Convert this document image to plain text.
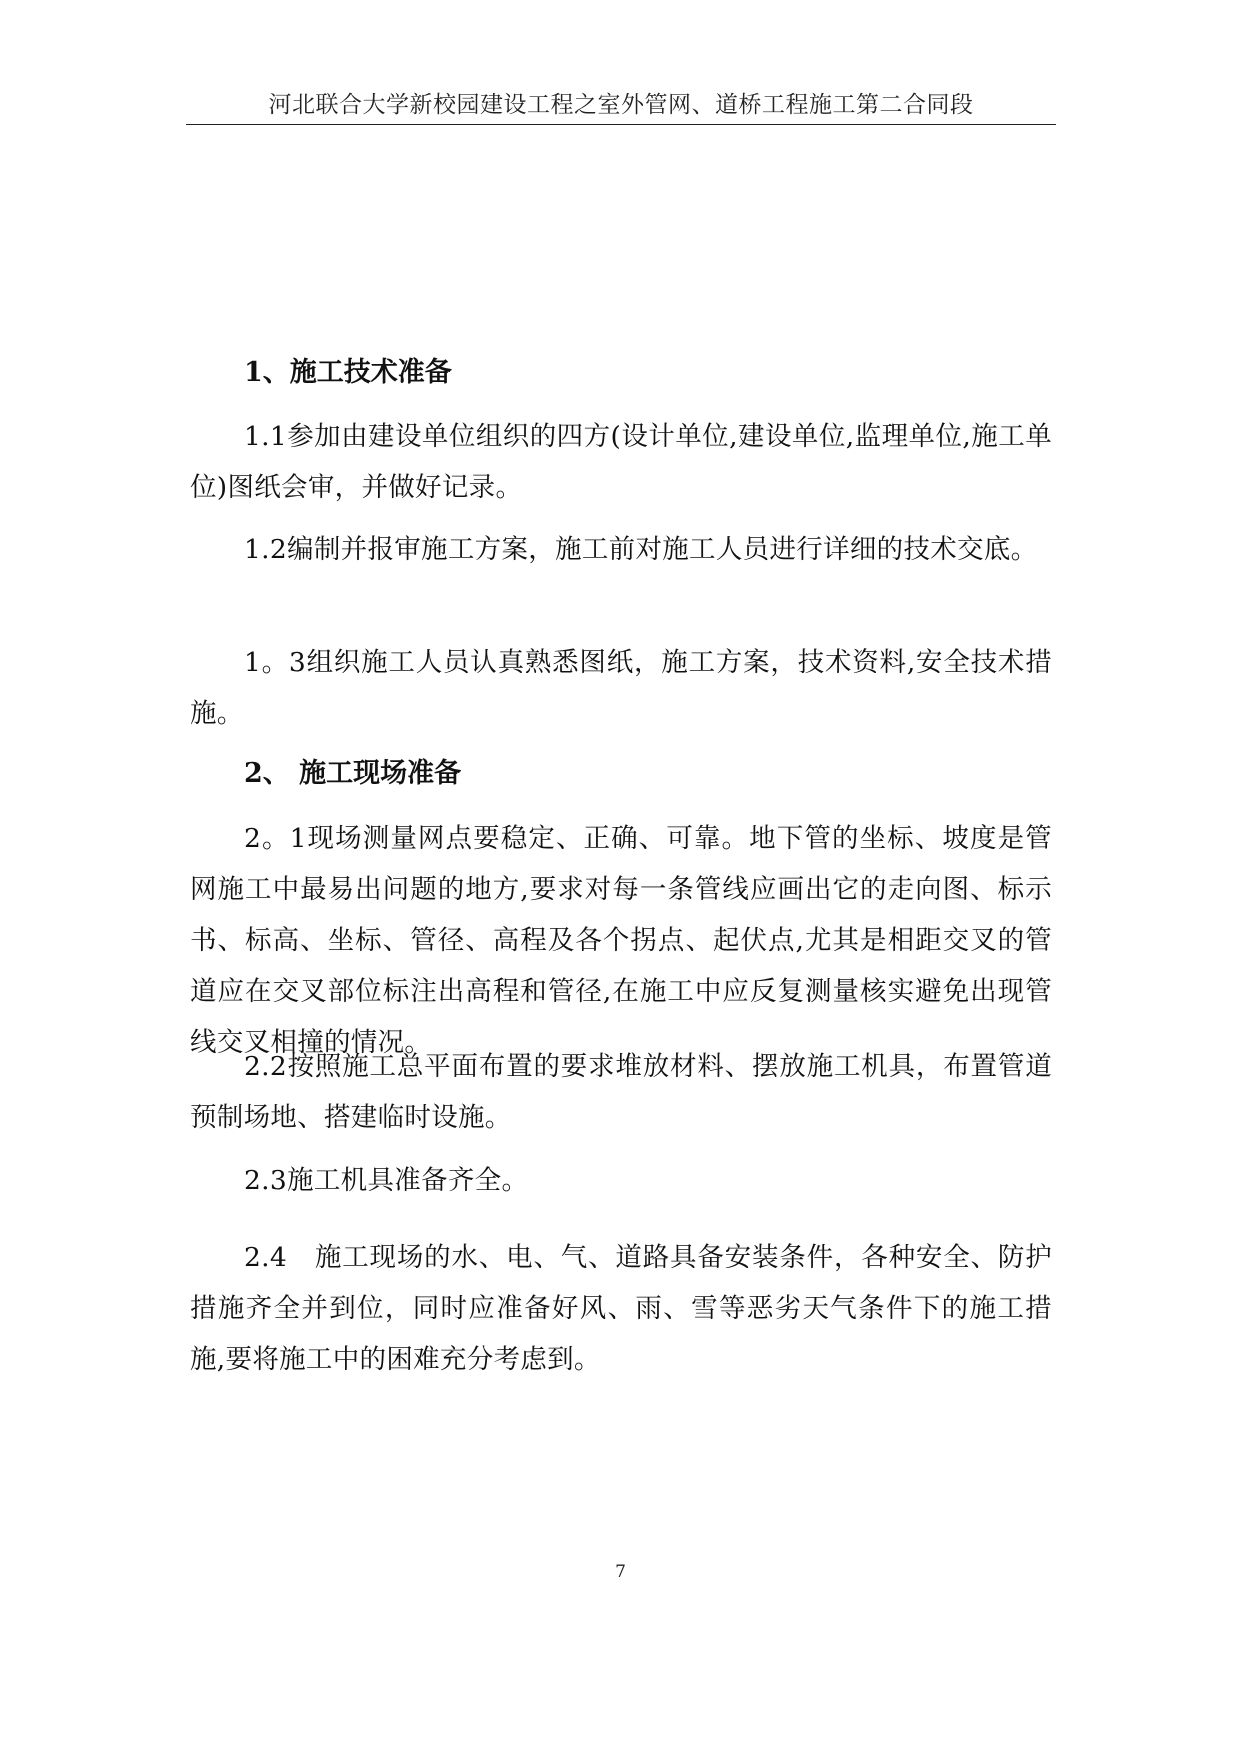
河北联合大学新校园建设工程之室外管网、道桥工程施工第二合同段
1、施工技术准备

1.1参加由建设单位组织的四方(设计单位,建设单位,监理单位,施工单位)图纸会审，并做好记录。

1.2编制并报审施工方案，施工前对施工人员进行详细的技术交底。

1。3组织施工人员认真熟悉图纸，施工方案，技术资料,安全技术措施。

2、 施工现场准备

2。1现场测量网点要稳定、正确、可靠。地下管的坐标、坡度是管网施工中最易出问题的地方,要求对每一条管线应画出它的走向图、标示书、标高、坐标、管径、高程及各个拐点、起伏点,尤其是相距交叉的管道应在交叉部位标注出高程和管径,在施工中应反复测量核实避免出现管线交叉相撞的情况。

2.2按照施工总平面布置的要求堆放材料、摆放施工机具，布置管道预制场地、搭建临时设施。

2.3施工机具准备齐全。

2.4　施工现场的水、电、气、道路具备安装条件，各种安全、防护措施齐全并到位，同时应准备好风、雨、雪等恶劣天气条件下的施工措施,要将施工中的困难充分考虑到。

7
